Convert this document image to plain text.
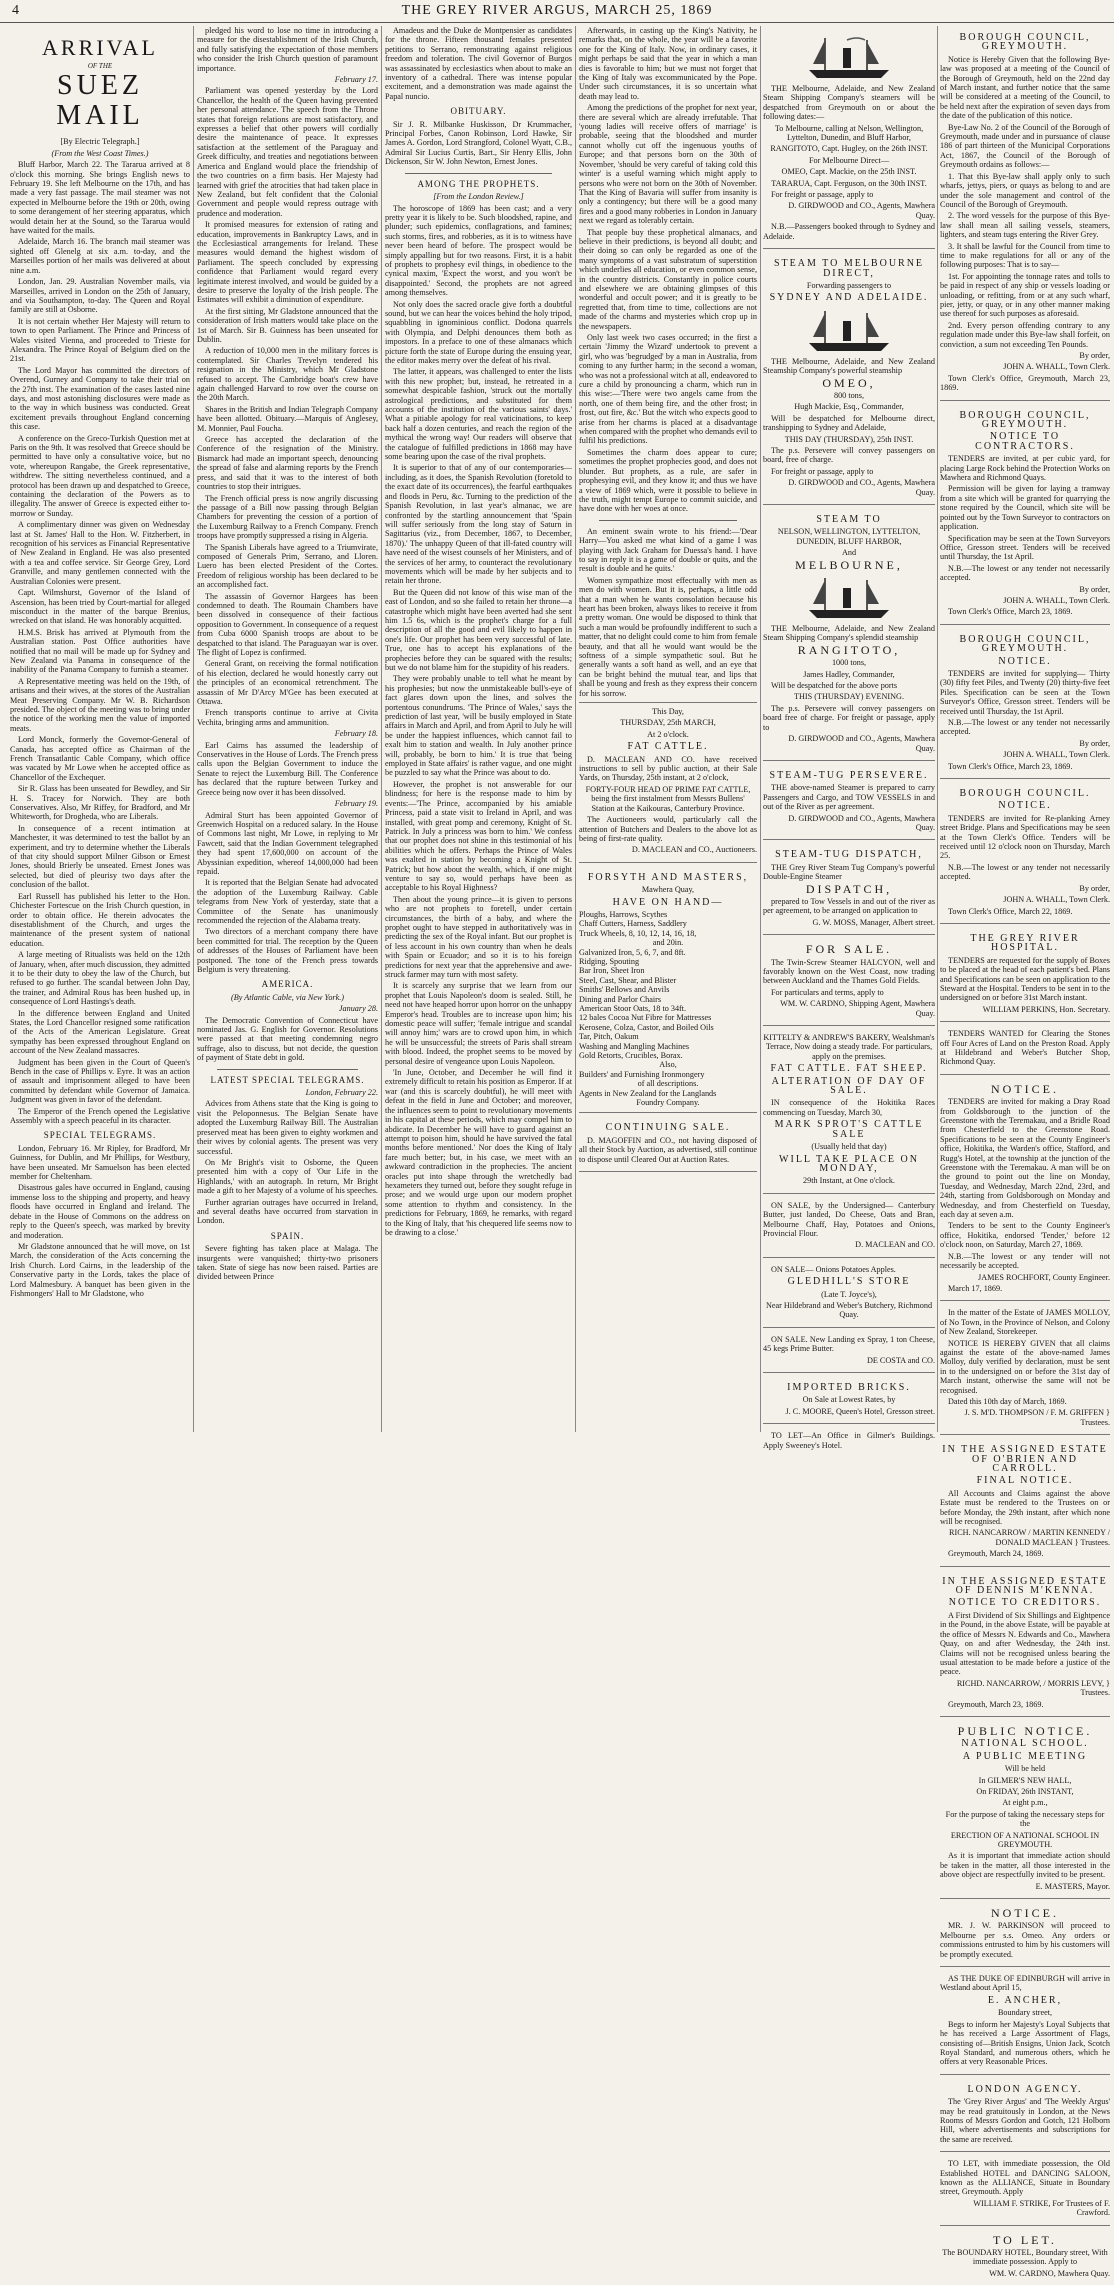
4	THE GREY RIVER ARGUS, MARCH 25, 1869
ARRIVAL
OF THE
SUEZ MAIL

[By Electric Telegraph.]

(From the West Coast Times.)

Bluff Harbor, March 22. The Tararua arrived at 8 o'clock this morning. She brings English news to February 19. She left Melbourne on the 17th, and has made a very fast passage. The mail steamer was not expected in Melbourne before the 19th or 20th, owing to some derangement of her steering apparatus, which would detain her at the Sound, so the Tararua would have waited for the mails.

Adelaide, March 16. The branch mail steamer was sighted off Glenelg at six a.m. to-day, and the Marseilles portion of her mails was delivered at about nine a.m.

London, Jan. 29. Australian November mails, via Marseilles, arrived in London on the 25th of January, and via Southampton, to-day. The Queen and Royal family are still at Osborne.

It is not certain whether Her Majesty will return to town to open Parliament. The Prince and Princess of Wales visited Vienna, and proceeded to Trieste for Alexandra. The Prince Royal of Belgium died on the 21st.

The Lord Mayor has committed the directors of Overend, Gurney and Company to take their trial on the 27th inst. The examination of the cases lasted nine days, and most astonishing disclosures were made as to the way in which business was conducted. Great excitement prevails throughout England concerning this case.

A conference on the Greco-Turkish Question met at Paris on the 9th. It was resolved that Greece should be permitted to have only a consultative voice, but no vote, whereupon Rangabe, the Greek representative, withdrew. The sitting nevertheless continued, and a protocol has been drawn up and despatched to Greece, containing the declaration of the Powers as to illegality. The answer of Greece is expected either to-morrow or Sunday.

A complimentary dinner was given on Wednesday last at St. James' Hall to the Hon. W. Fitzherbert, in recognition of his services as Financial Representative of New Zealand in England. He was also presented with a tea and coffee service. Sir George Grey, Lord Granville, and many gentlemen connected with the Australian Colonies were present.

Capt. Wilmshurst, Governor of the Island of Ascension, has been tried by Court-martial for alleged misconduct in the matter of the barque Brenius, wrecked on that island. He was honorably acquitted.

H.M.S. Brisk has arrived at Plymouth from the Australian station. Post Office authorities have notified that no mail will be made up for Sydney and New Zealand via Panama in consequence of the inability of the Panama Company to furnish a steamer.

A Representative meeting was held on the 19th, of artisans and their wives, at the stores of the Australian Meat Preserving Company. Mr W. B. Richardson presided. The object of the meeting was to bring under the notice of the working men the value of imported meats.

Lord Monck, formerly the Governor-General of Canada, has accepted office as Chairman of the French Transatlantic Cable Company, which office was vacated by Mr Lowe when he accepted office as Chancellor of the Exchequer.

Sir R. Glass has been unseated for Bewdley, and Sir H. S. Tracey for Norwich. They are both Conservatives. Also, Mr Riffey, for Bradford, and Mr Whiteworth, for Drogheda, who are Liberals.

In consequence of a recent intimation at Manchester, it was determined to test the ballot by an experiment, and try to determine whether the Liberals of that city should support Milner Gibson or Ernest Jones, should Brierly be unseated. Ernest Jones was selected, but died of pleurisy two days after the conclusion of the ballot.

Earl Russell has published his letter to the Hon. Chichester Fortescue on the Irish Church question, in order to obtain office. He therein advocates the disestablishment of the Church, and urges the maintenance of the present system of national education.

A large meeting of Ritualists was held on the 12th of January, when, after much discussion, they admitted it to be their duty to obey the law of the Church, but refused to go further. The scandal between John Day, the trainer, and Admiral Rous has been hushed up, in consequence of Lord Hastings's death.

In the difference between England and United States, the Lord Chancellor resigned some ratification of the Acts of the American Legislature. Great sympathy has been expressed throughout England on account of the New Zealand massacres.

Judgment has been given in the Court of Queen's Bench in the case of Phillips v. Eyre. It was an action of assault and imprisonment alleged to have been committed by defendant while Governor of Jamaica. Judgment was given in favor of the defendant.

The Emperor of the French opened the Legislative Assembly with a speech peaceful in its character.

SPECIAL TELEGRAMS.

London, February 16. Mr Ripley, for Bradford, Mr Guinness, for Dublin, and Mr Phillips, for Westbury, have been unseated. Mr Samuelson has been elected member for Cheltenham.

Disastrous gales have occurred in England, causing immense loss to the shipping and property, and heavy floods have occurred in England and Ireland. The debate in the House of Commons on the address on reply to the Queen's speech, was marked by brevity and moderation.

Mr Gladstone announced that he will move, on 1st March, the consideration of the Acts concerning the Irish Church. Lord Cairns, in the leadership of the Conservative party in the Lords, takes the place of Lord Malmesbury. A banquet has been given in the Fishmongers' Hall to Mr Gladstone, who

pledged his word to lose no time in introducing a measure for the disestablishment of the Irish Church, and fully satisfying the expectation of those members who consider the Irish Church question of paramount importance.

February 17.

Parliament was opened yesterday by the Lord Chancellor, the health of the Queen having prevented her personal attendance. The speech from the Throne states that foreign relations are most satisfactory, and expresses a belief that other powers will cordially desire the maintenance of peace. It expresses satisfaction at the settlement of the Paraguay and Greek difficulty, and treaties and negotiations between America and England would place the friendship of the two countries on a firm basis. Her Majesty had learned with grief the atrocities that had taken place in New Zealand, but felt confident that the Colonial Government and people would repress outrage with prudence and moderation.

It promised measures for extension of rating and education, improvements in Bankruptcy Laws, and in the Ecclesiastical arrangements for Ireland. These measures would demand the highest wisdom of Parliament. The speech concluded by expressing confidence that Parliament would regard every legitimate interest involved, and would be guided by a desire to preserve the loyalty of the Irish people. The Estimates will exhibit a diminution of expenditure.

At the first sitting, Mr Gladstone announced that the consideration of Irish matters would take place on the 1st of March. Sir B. Guinness has been unseated for Dublin.

A reduction of 10,000 men in the military forces is contemplated. Sir Charles Trevelyn tendered his resignation in the Ministry, which Mr Gladstone refused to accept. The Cambridge boat's crew have again challenged Harvard to row over the course on the 20th March.

Shares in the British and Indian Telegraph Company have been allotted. Obituary.—Marquis of Anglesey, M. Monnier, Paul Foucha.

Greece has accepted the declaration of the Conference of the resignation of the Ministry. Bismarck had made an important speech, denouncing the spread of false and alarming reports by the French press, and said that it was to the interest of both countries to stop their intrigues.

The French official press is now angrily discussing the passage of a Bill now passing through Belgian Chambers for preventing the cession of a portion of the Luxemburg Railway to a French Company. French troops have promptly suppressed a rising in Algeria.

The Spanish Liberals have agreed to a Triumvirate, composed of Generals Prim, Serrano, and Lloren. Luero has been elected President of the Cortes. Freedom of religious worship has been declared to be an accomplished fact.

The assassin of Governor Hargees has been condemned to death. The Roumain Chambers have been dissolved in consequence of their factious opposition to Government. In consequence of a request from Cuba 6000 Spanish troops are about to be despatched to that island. The Paraguayan war is over. The flight of Lopez is confirmed.

General Grant, on receiving the formal notification of his election, declared he would honestly carry out the principles of an economical retrenchment. The assassin of Mr D'Arcy M'Gee has been executed at Ottawa.

French transports continue to arrive at Civita Vechita, bringing arms and ammunition.

February 18.

Earl Cairns has assumed the leadership of Conservatives in the House of Lords. The French press calls upon the Belgian Government to induce the Senate to reject the Luxemburg Bill. The Conference has declared that the rupture between Turkey and Greece being now over it has been dissolved.

February 19.

Admiral Sturt has been appointed Governor of Greenwich Hospital on a reduced salary. In the House of Commons last night, Mr Lowe, in replying to Mr Fawcett, said that the Indian Government telegraphed they had spent 17,600,000 on account of the Abyssinian expedition, whereof 14,000,000 had been repaid.

It is reported that the Belgian Senate had advocated the adoption of the Luxemburg Railway. Cable telegrams from New York of yesterday, state that a Committee of the Senate has unanimously recommended the rejection of the Alabama treaty.

Two directors of a merchant company there have been committed for trial. The reception by the Queen of addresses of the Houses of Parliament have been postponed. The tone of the French press towards Belgium is very threatening.

AMERICA.

(By Atlantic Cable, via New York.)

January 28.

The Democratic Convention of Connecticut have nominated Jas. G. English for Governor. Resolutions were passed at that meeting condemning negro suffrage, also to discuss, but not decide, the question of payment of State debt in gold.

LATEST SPECIAL TELEGRAMS.

London, February 22.

Advices from Athens state that the King is going to visit the Peloponnesus. The Belgian Senate have adopted the Luxemburg Railway Bill. The Australian preserved meat has been given to eighty workmen and their wives by colonial agents. The present was very successful.

On Mr Bright's visit to Osborne, the Queen presented him with a copy of 'Our Life in the Highlands,' with an autograph. In return, Mr Bright made a gift to her Majesty of a volume of his speeches.

Further agrarian outrages have occurred in Ireland, and several deaths have occurred from starvation in London.

SPAIN.

Severe fighting has taken place at Malaga. The insurgents were vanquished; thirty-two prisoners taken. State of siege has now been raised. Parties are divided between Prince

Amadeus and the Duke de Montpensier as candidates for the throne. Fifteen thousand females presented petitions to Serrano, remonstrating against religious freedom and toleration. The civil Governor of Burgos was assassinated by ecclesiastics when about to make an inventory of a cathedral. There was intense popular excitement, and a demonstration was made against the Papal nuncio.

OBITUARY.

Sir J. R. Milbanke Huskisson, Dr Krummacher, Principal Forbes, Canon Robinson, Lord Hawke, Sir James A. Gordon, Lord Strangford, Colonel Wyatt, C.B., Admiral Sir Lucius Curtis, Bart., Sir Henry Ellis, John Dickenson, Sir W. John Newton, Ernest Jones.

AMONG THE PROPHETS.

[From the London Review.]

The horoscope of 1869 has been cast; and a very pretty year it is likely to be. Such bloodshed, rapine, and plunder; such epidemics, conflagrations, and famines; such storms, fires, and robberies, as it is to witness have never been heard of before. The prospect would be simply appalling but for two reasons. First, it is a habit of prophets to prophesy evil things, in obedience to the cynical maxim, 'Expect the worst, and you won't be disappointed.' Second, the prophets are not agreed among themselves.

Not only does the sacred oracle give forth a doubtful sound, but we can hear the voices behind the holy tripod, squabbling in ignominious conflict. Dodona quarrels with Olympia, and Delphi denounces them both as impostors. In a preface to one of these almanacs which picture forth the state of Europe during the ensuing year, the editor makes merry over the defeat of his rival.

The latter, it appears, was challenged to enter the lists with this new prophet; but, instead, he retreated in a somewhat despicable fashion, 'struck out the mortally astrological predictions, and substituted for them accounts of the institution of the various saints' days.' What a pitiable apology for real vaticinations, to keep back half a dozen centuries, and reach the region of the mythical the wrong way! Our readers will observe that the catalogue of fulfilled predictions in 1868 may have some bearing upon the case of the rival prophets.

It is superior to that of any of our contemporaries—including, as it does, the Spanish Revolution (foretold to the exact date of its occurrences), the fearful earthquakes and floods in Peru, &c. Turning to the prediction of the Spanish Revolution, in last year's almanac, we are confronted by the startling announcement that 'Spain will suffer seriously from the long stay of Saturn in Sagittarius (viz., from December, 1867, to December, 1870).' The unhappy Queen of that ill-fated country will have need of the wisest counsels of her Ministers, and of the services of her army, to counteract the revolutionary movements which will be made by her subjects and to retain her throne.

But the Queen did not know of this wise man of the east of London, and so she failed to retain her throne—a catastrophe which might have been averted had she sent him 1.5 6s, which is the prophet's charge for a full description of all the good and evil likely to happen in one's life. Our prophet has been very successful of late. True, one has to accept his explanations of the prophecies before they can be squared with the results; but we do not blame him for the stupidity of his readers.

They were probably unable to tell what he meant by his prophesies; but now the unmistakeable bull's-eye of fact glares down upon the lines, and solves the portentous conundrums. 'The Prince of Wales,' says the prediction of last year, 'will be busily employed in State affairs in March and April, and from April to July he will be under the happiest influences, which cannot fail to exalt him to station and wealth. In July another prince will, probably, be born to him.' It is true that 'being employed in State affairs' is rather vague, and one might be puzzled to say what the Prince was about to do.

However, the prophet is not answerable for our blindness; for here is the response made to him by events:—'The Prince, accompanied by his amiable Princess, paid a state visit to Ireland in April, and was installed, with great pomp and ceremony, Knight of St. Patrick. In July a princess was born to him.' We confess that our prophet does not shine in this testimonial of his abilities which he offers. Perhaps the Prince of Wales was exalted in station by becoming a Knight of St. Patrick; but how about the wealth, which, if one might venture to say so, would perhaps have been as acceptable to his Royal Highness?

Then about the young prince—it is given to persons who are not prophets to foretell, under certain circumstances, the birth of a baby, and where the prophet ought to have stepped in authoritatively was in predicting the sex of the Royal infant. But our prophet is of less account in his own country than when he deals with Spain or Ecuador; and so it is to his foreign predictions for next year that the apprehensive and awe-struck farmer may turn with most safety.

It is scarcely any surprise that we learn from our prophet that Louis Napoleon's doom is sealed. Still, he need not have heaped horror upon horror on the unhappy Emperor's head. Troubles are to increase upon him; his domestic peace will suffer; 'female intrigue and scandal will annoy him;' wars are to crowd upon him, in which he will be unsuccessful; the streets of Paris shall stream with blood. Indeed, the prophet seems to be moved by personal desire of vengeance upon Louis Napoleon.

'In June, October, and December he will find it extremely difficult to retain his position as Emperor. If at war (and this is scarcely doubtful), he will meet with defeat in the field in June and October; and moreover, the influences seem to point to revolutionary movements in his capital at these periods, which may compel him to abdicate. In December he will have to guard against an attempt to poison him, should he have survived the fatal months before mentioned.' Nor does the King of Italy fare much better; but, in his case, we meet with an awkward contradiction in the prophecies. The ancient oracles put into shape through the wretchedly bad hexameters they turned out, before they sought refuge in prose; and we would urge upon our modern prophet some attention to rhythm and consistency. In the predictions for February, 1869, he remarks, with regard to the King of Italy, that 'his chequered life seems now to be drawing to a close.'

Afterwards, in casting up the King's Nativity, he remarks that, on the whole, the year will be a favorite one for the King of Italy. Now, in ordinary cases, it might perhaps be said that the year in which a man dies is favorable to him; but we must not forget that the King of Italy was excommunicated by the Pope. Under such circumstances, it is so uncertain what death may lead to.

Among the predictions of the prophet for next year, there are several which are already irrefutable. That 'young ladies will receive offers of marriage' is probable, seeing that the bloodshed and murder cannot wholly cut off the ingenuous youths of Europe; and that persons born on the 30th of November, 'should be very careful of taking cold this winter' is a useful warning which might apply to persons who were not born on the 30th of November. That the King of Bavaria will suffer from insanity is only a contingency; but there will be a good many fires and a good many robberies in London in January next we regard as tolerably certain.

That people buy these prophetical almanacs, and believe in their predictions, is beyond all doubt; and their doing so can only be regarded as one of the many symptoms of a vast substratum of superstition which underlies all education, or even common sense, in the country districts. Constantly in police courts and elsewhere we are obtaining glimpses of this wonderful and occult power; and it is greatly to be regretted that, from time to time, collections are not made of the charms and mysteries which crop up in the newspapers.

Only last week two cases occurred; in the first a certain 'Jimmy the Wizard' undertook to prevent a girl, who was 'begrudged' by a man in Australia, from coming to any further harm; in the second a woman, who was not a professional witch at all, endeavored to cure a child by pronouncing a charm, which run in this wise:—'There were two angels came from the north, one of them being fire, and the other frost; in frost, out fire, &c.' But the witch who expects good to arise from her charms is placed at a disadvantage when compared with the prophet who demands evil to fulfil his predictions.

Sometimes the charm does appear to cure; sometimes the prophet prophecies good, and does not blunder. But prophets, as a rule, are safer in prophesying evil, and they know it; and thus we have a view of 1869 which, were it possible to believe in the truth, might tempt Europe to commit suicide, and have done with her woes at once.

An eminent swain wrote to his friend:—'Dear Harry—You asked me what kind of a game I was playing with Jack Graham for Duessa's hand. I have to say in reply it is a game of double or quits, and the result is double and he quits.'

Women sympathize most effectually with men as men do with women. But it is, perhaps, a little odd that a man when he wants consolation because his heart has been broken, always likes to receive it from a pretty woman. One would be disposed to think that such a man would be profoundly indifferent to such a matter, that no delight could come to him from female beauty, and that all he would want would be the softness of a simple sympathetic soul. But he generally wants a soft hand as well, and an eye that can be bright behind the mutual tear, and lips that shall be young and fresh as they express their concern for his sorrow.

This Day,

THURSDAY, 25th MARCH,

At 2 o'clock.

FAT CATTLE.

D. MACLEAN AND CO. have received instructions to sell by public auction, at their Sale Yards, on Thursday, 25th instant, at 2 o'clock,

FORTY-FOUR HEAD OF PRIME FAT CATTLE, being the first instalment from Messrs Bullens' Station at the Kaikouras, Canterbury Province.

The Auctioneers would, particularly call the attention of Butchers and Dealers to the above lot as being of first-rate quality.

D. MACLEAN and CO., Auctioneers.

FORSYTH AND MASTERS,

Mawhera Quay,

HAVE ON HAND—

Ploughs, Harrows, Scythes

Chaff Cutters, Harness, Saddlery

Truck Wheels, 8, 10, 12, 14, 16, 18,

and 20in.

Galvanized Iron, 5, 6, 7, and 8ft.

Ridging, Spouting

Bar Iron, Sheet Iron

Steel, Cast, Shear, and Blister

Smiths' Bellows and Anvils

Dining and Parlor Chairs

American Stoor Oats, 18 to 34ft.

12 bales Cocoa Nut Fibre for Mattresses

Kerosene, Colza, Castor, and Boiled Oils

Tar, Pitch, Oakum

Washing and Mangling Machines

Gold Retorts, Crucibles, Borax.

Also,

Builders' and Furnishing Ironmongery

of all descriptions.

Agents in New Zealand for the Langlands

Foundry Company.

CONTINUING SALE.

D. MAGOFFIN and CO., not having disposed of all their Stock by Auction, as advertised, still continue to dispose until Cleared Out at Auction Rates.

THE Melbourne, Adelaide, and New Zealand Steam Shipping Company's steamers will be despatched from Greymouth on or about the following dates:—

To Melbourne, calling at Nelson, Wellington, Lyttelton, Dunedin, and Bluff Harbor,

RANGITOTO, Capt. Hugley, on the 26th INST.

For Melbourne Direct—

OMEO, Capt. Mackie, on the 25th INST.

TARARUA, Capt. Ferguson, on the 30th INST.

For freight or passage, apply to

D. GIRDWOOD and CO., Agents, Mawhera Quay.

N.B.—Passengers booked through to Sydney and Adelaide.

STEAM TO MELBOURNE DIRECT,

Forwarding passengers to

SYDNEY AND ADELAIDE.

THE Melbourne, Adelaide, and New Zealand Steamship Company's powerful steamship

OMEO,

800 tons,

Hugh Mackie, Esq., Commander,

Will be despatched for Melbourne direct, transhipping to Sydney and Adelaide,

THIS DAY (THURSDAY), 25th INST.

The p.s. Persevere will convey passengers on board, free of charge.

For freight or passage, apply to

D. GIRDWOOD and CO., Agents, Mawhera Quay.

STEAM TO

NELSON, WELLINGTON, LYTTELTON, DUNEDIN, BLUFF HARBOR,

And

MELBOURNE,

THE Melbourne, Adelaide, and New Zealand Steam Shipping Company's splendid steamship

RANGITOTO,

1000 tons,

James Hadley, Commander,

Will be despatched for the above ports

THIS (THURSDAY) EVENING.

The p.s. Persevere will convey passengers on board free of charge. For freight or passage, apply to

D. GIRDWOOD and CO., Agents, Mawhera Quay.

STEAM-TUG PERSEVERE.

THE above-named Steamer is prepared to carry Passengers and Cargo, and TOW VESSELS in and out of the River as per agreement.

D. GIRDWOOD and CO., Agents, Mawhera Quay.

STEAM-TUG DISPATCH,

THE Grey River Steam Tug Company's powerful Double-Engine Steamer

DISPATCH,

prepared to Tow Vessels in and out of the river as per agreement, to be arranged on application to

G. W. MOSS, Manager, Albert street.

FOR SALE.

The Twin-Screw Steamer HALCYON, well and favorably known on the West Coast, now trading between Auckland and the Thames Gold Fields.

For particulars and terms, apply to

WM. W. CARDNO, Shipping Agent, Mawhera Quay.

KITTELTY & ANDREW'S BAKERY, Wealshman's Terrace, Now doing a steady trade. For particulars, apply on the premises.

FAT CATTLE. FAT SHEEP.
ALTERATION OF DAY OF SALE.

IN consequence of the Hokitika Races commencing on Tuesday, March 30,

MARK SPROT'S CATTLE SALE

(Usually held that day)

WILL TAKE PLACE ON MONDAY,

29th Instant, at One o'clock.

ON SALE, by the Undersigned— Canterbury Butter, just landed, Do Cheese, Oats and Bran, Melbourne Chaff, Hay, Potatoes and Onions, Provincial Flour.

D. MACLEAN and CO.

ON SALE— Onions Potatoes Apples.

GLEDHILL'S STORE

(Late T. Joyce's),

Near Hildebrand and Weber's Butchery, Richmond Quay.

ON SALE. New Landing ex Spray, 1 ton Cheese, 45 kegs Prime Butter.

DE COSTA and CO.

IMPORTED BRICKS.

On Sale at Lowest Rates, by

J. C. MOORE, Queen's Hotel, Gresson street.

TO LET—An Office in Gilmer's Buildings. Apply Sweeney's Hotel.

BOROUGH COUNCIL, GREYMOUTH.

Notice is Hereby Given that the following Bye-law was proposed at a meeting of the Council of the Borough of Greymouth, held on the 22nd day of March instant, and further notice that the same will be considered at a meeting of the Council, to be held next after the expiration of seven days from the date of the publication of this notice.

Bye-Law No. 2 of the Council of the Borough of Greymouth, made under and in pursuance of clause 186 of part thirteen of the Municipal Corporations Act, 1867, the Council of the Borough of Greymouth ordains as follows:—

1. That this Bye-law shall apply only to such wharfs, jettys, piers, or quays as belong to and are under the sole management and control of the Council of the Borough of Greymouth.

2. The word vessels for the purpose of this Bye-law shall mean all sailing vessels, steamers, lighters, and steam tugs entering the River Grey.

3. It shall be lawful for the Council from time to time to make regulations for all or any of the following purposes: That is to say—

1st. For appointing the tonnage rates and tolls to be paid in respect of any ship or vessels loading or unloading, or refitting, from or at any such wharf, pier, jetty, or quay, or in any other manner making use thereof for such purposes as aforesaid.

2nd. Every person offending contrary to any regulation made under this Bye-law shall forfeit, on conviction, a sum not exceeding Ten Pounds.

By order,

JOHN A. WHALL, Town Clerk.

Town Clerk's Office, Greymouth, March 23, 1869.

BOROUGH COUNCIL, GREYMOUTH.
NOTICE TO CONTRACTORS.

TENDERS are invited, at per cubic yard, for placing Large Rock behind the Protection Works on Mawhera and Richmond Quays.

Permission will be given for laying a tramway from a site which will be granted for quarrying the stone required by the Council, which site will be pointed out by the Town Surveyor to contractors on application.

Specification may be seen at the Town Surveyors Office, Gresson street. Tenders will be received until Thursday, the 1st April.

N.B.—The lowest or any tender not necessarily accepted.

By order,

JOHN A. WHALL, Town Clerk.

Town Clerk's Office, March 23, 1869.

BOROUGH COUNCIL, GREYMOUTH.
NOTICE.

TENDERS are invited for supplying— Thirty (30) fifty feet Piles, and Twenty (20) thirty-five feet Piles. Specification can be seen at the Town Surveyor's Office, Gresson street. Tenders will be received until Thursday, the 1st April.

N.B.—The lowest or any tender not necessarily accepted.

By order,

JOHN A. WHALL, Town Clerk.

Town Clerk's Office, March 23, 1869.

BOROUGH COUNCIL.
NOTICE.

TENDERS are invited for Re-planking Arney street Bridge. Plans and Specifications may be seen at the Town Clerk's Office. Tenders will be received until 12 o'clock noon on Thursday, March 25.

N.B.—The lowest or any tender not necessarily accepted.

By order,

JOHN A. WHALL, Town Clerk.

Town Clerk's Office, March 22, 1869.

THE GREY RIVER HOSPITAL.

TENDERS are requested for the supply of Boxes to be placed at the head of each patient's bed. Plans and Specifications can be seen on application to the Steward at the Hospital. Tenders to be sent in to the undersigned on or before 31st March instant.

WILLIAM PERKINS, Hon. Secretary.

TENDERS WANTED for Clearing the Stones off Four Acres of Land on the Preston Road. Apply at Hildebrand and Weber's Butcher Shop, Richmond Quay.

NOTICE.

TENDERS are invited for making a Dray Road from Goldsborough to the junction of the Greenstone with the Teremakau, and a Bridle Road from Chesterfield to the Greenstone Road. Specifications to be seen at the County Engineer's office, Hokitika, the Warden's office, Stafford, and Rugg's Hotel, at the township at the junction of the Greenstone with the Teremakau. A man will be on the ground to point out the line on Monday, Tuesday, and Wednesday, March 22nd, 23rd, and 24th, starting from Goldsborough on Monday and Wednesday, and from Chesterfield on Tuesday, each day at seven a.m.

Tenders to be sent to the County Engineer's office, Hokitika, endorsed 'Tender,' before 12 o'clock noon, on Saturday, March 27, 1869.

N.B.—The lowest or any tender will not necessarily be accepted.

JAMES ROCHFORT, County Engineer.

March 17, 1869.

In the matter of the Estate of JAMES MOLLOY, of No Town, in the Province of Nelson, and Colony of New Zealand, Storekeeper.

NOTICE IS HEREBY GIVEN that all claims against the estate of the above-named James Molloy, duly verified by declaration, must be sent in to the undersigned on or before the 31st day of March instant, otherwise the same will not be recognised.

Dated this 10th day of March, 1869.

J. S. M'D. THOMPSON / F. M. GRIFFEN } Trustees.

IN THE ASSIGNED ESTATE OF O'BRIEN AND CARROLL.
FINAL NOTICE.

All Accounts and Claims against the above Estate must be rendered to the Trustees on or before Monday, the 29th instant, after which none will be recognised.

RICH. NANCARROW / MARTIN KENNEDY / DONALD MACLEAN } Trustees.

Greymouth, March 24, 1869.

IN THE ASSIGNED ESTATE OF DENNIS M'KENNA.
NOTICE TO CREDITORS.

A First Dividend of Six Shillings and Eightpence in the Pound, in the above Estate, will be payable at the office of Messrs N. Edwards and Co., Mawhera Quay, on and after Wednesday, the 24th inst. Claims will not be recognised unless bearing the usual attestation to be made before a justice of the peace.

RICHD. NANCARROW, / MORRIS LEVY, } Trustees.

Greymouth, March 23, 1869.

PUBLIC NOTICE.
NATIONAL SCHOOL.
A PUBLIC MEETING

Will be held

In GILMER'S NEW HALL,

On FRIDAY, 26th INSTANT,

At eight p.m.,

For the purpose of taking the necessary steps for the

ERECTION OF A NATIONAL SCHOOL IN GREYMOUTH.

As it is important that immediate action should be taken in the matter, all those interested in the above object are respectfully invited to be present.

E. MASTERS, Mayor.

NOTICE.

MR. J. W. PARKINSON will proceed to Melbourne per s.s. Omeo. Any orders or commissions entrusted to him by his customers will be promptly executed.

AS THE DUKE OF EDINBURGH will arrive in Westland about April 15,

E. ANCHER,

Boundary street,

Begs to inform her Majesty's Loyal Subjects that he has received a Large Assortment of Flags, consisting of—British Ensigns, Union Jack, Scotch Royal Standard, and numerous others, which he offers at very Reasonable Prices.

LONDON AGENCY.

The 'Grey River Argus' and 'The Weekly Argus' may be read gratuitously in London, at the News Rooms of Messrs Gordon and Gotch, 121 Holborn Hill, where advertisements and subscriptions for the same are received.

TO LET, with immediate possession, the Old Established HOTEL and DANCING SALOON, known as the ALLIANCE, Situate in Boundary street, Greymouth. Apply

WILLIAM F. STRIKE, For Trustees of F. Crawford.

TO LET.

The BOUNDARY HOTEL, Boundary street, With immediate possession. Apply to

WM. W. CARDNO, Mawhera Quay.
